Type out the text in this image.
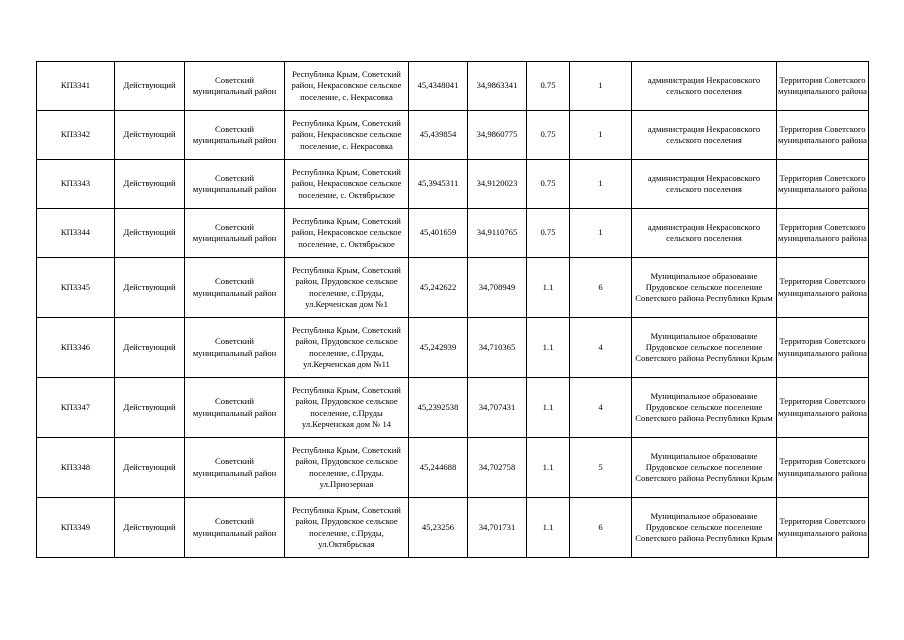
КП3341	Действующий	Советский муниципальный район	Республика Крым, Советский район, Некрасовское сельское поселение, с. Некрасовка	45,4348041	34,9863341	0.75	1	администрация Некрасовского сельского поселения	Территория Советского муниципального района
КП3342	Действующий	Советский муниципальный район	Республика Крым, Советский район, Некрасовское сельское поселение, с. Некрасовка	45,439854	34,9860775	0.75	1	администрация Некрасовского сельского поселения	Территория Советского муниципального района
КП3343	Действующий	Советский муниципальный район	Республика Крым, Советский район, Некрасовское сельское поселение, с. Октябрьское	45,3945311	34,9120023	0.75	1	администрация Некрасовского сельского поселения	Территория Советского муниципального района
КП3344	Действующий	Советский муниципальный район	Республика Крым, Советский район, Некрасовское сельское поселение, с. Октябрьское	45,401659	34,9110765	0.75	1	администрация Некрасовского сельского поселения	Территория Советского муниципального района
КП3345	Действующий	Советский муниципальный район	Республика Крым, Советский район, Прудовское сельское поселение, с.Пруды, ул.Керченская дом №1	45,242622	34,708949	1.1	6	Муниципальное образование Прудовское сельское поселение Советского района Республики Крым	Территория Советского муниципального района
КП3346	Действующий	Советский муниципальный район	Республика Крым, Советский район, Прудовское сельское поселение, с.Пруды, ул.Керченская дом №11	45,242939	34,710365	1.1	4	Муниципальное образование Прудовское сельское поселение Советского района Республики Крым	Территория Советского муниципального района
КП3347	Действующий	Советский муниципальный район	Республика Крым, Советский район, Прудовское сельское поселение, с.Пруды ул.Керченская дом № 14	45,2392538	34,707431	1.1	4	Муниципальное образование Прудовское сельское поселение Советского района Республики Крым	Территория Советского муниципального района
КП3348	Действующий	Советский муниципальный район	Республика Крым, Советский район, Прудовское сельское поселение, с.Пруды. ул.Приозерная	45,244688	34,702758	1.1	5	Муниципальное образование Прудовское сельское поселение Советского района Республики Крым	Территория Советского муниципального района
КП3349	Действующий	Советский муниципальный район	Республика Крым, Советский район, Прудовское сельское поселение, с.Пруды, ул.Октябрьская	45,23256	34,701731	1.1	6	Муниципальное образование Прудовское сельское поселение Советского района Республики Крым	Территория Советского муниципального района
